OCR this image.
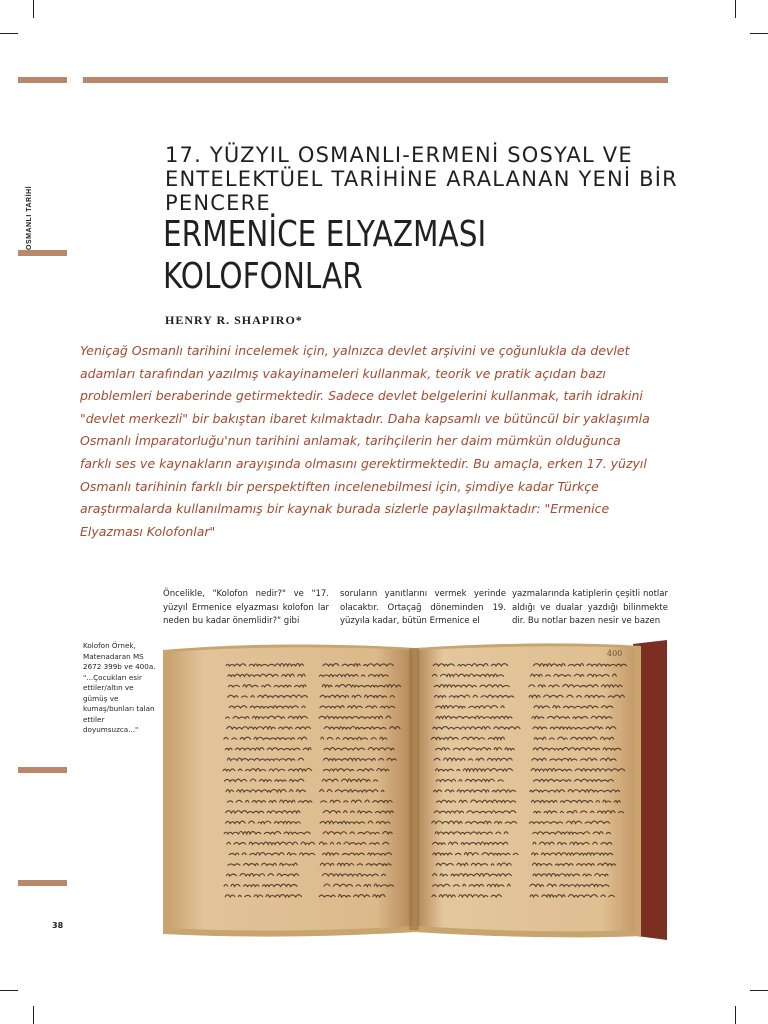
OSMANLI TARİHİ
17. YÜZYIL OSMANLI-ERMENİ SOSYAL VE ENTELEKTÜEL TARİHİNE ARALANAN YENİ BİR PENCERE
ERMENİCE ELYAZMASI
KOLOFONLAR
HENRY R. SHAPIRO*

Yeniçağ Osmanlı tarihini incelemek için, yalnızca devlet arşivini ve çoğunlukla da devlet adamları tarafından yazılmış vakayinameleri kullanmak, teorik ve pratik açıdan bazı problemleri beraberinde getirmektedir. Sadece devlet belgelerini kullanmak, tarih idrakini "devlet merkezli" bir bakıştan ibaret kılmaktadır. Daha kapsamlı ve bütüncül bir yaklaşımla Osmanlı İmparatorluğu'nun tarihini anlamak, tarihçilerin her daim mümkün olduğunca farklı ses ve kaynakların arayışında olmasını gerektirmektedir. Bu amaçla, erken 17. yüzyıl Osmanlı tarihinin farklı bir perspektiften incelenebilmesi için, şimdiye kadar Türkçe araştırmalarda kullanılmamış bir kaynak burada sizlerle paylaşılmaktadır: "Ermenice Elyazması Kolofonlar"

Öncelikle, "Kolofon nedir?" ve "17. yüzyıl Ermenice elyazması kolofon lar neden bu kadar önemlidir?" gibi

soruların yanıtlarını vermek yerinde olacaktır. Ortaçağ döneminden 19. yüzyıla kadar, bütün Ermenice el

yazmalarında katiplerin çeşitli notlar aldığı ve dualar yazdığı bilinmekte dir. Bu notlar bazen nesir ve bazen

Kolofon Örnek, Matenadaran MS 2672 399b ve 400a. "...Çocukları esir ettiler/altın ve gümüş ve kumaş/bunları talan ettiler doyumsuzca..."

400
38
